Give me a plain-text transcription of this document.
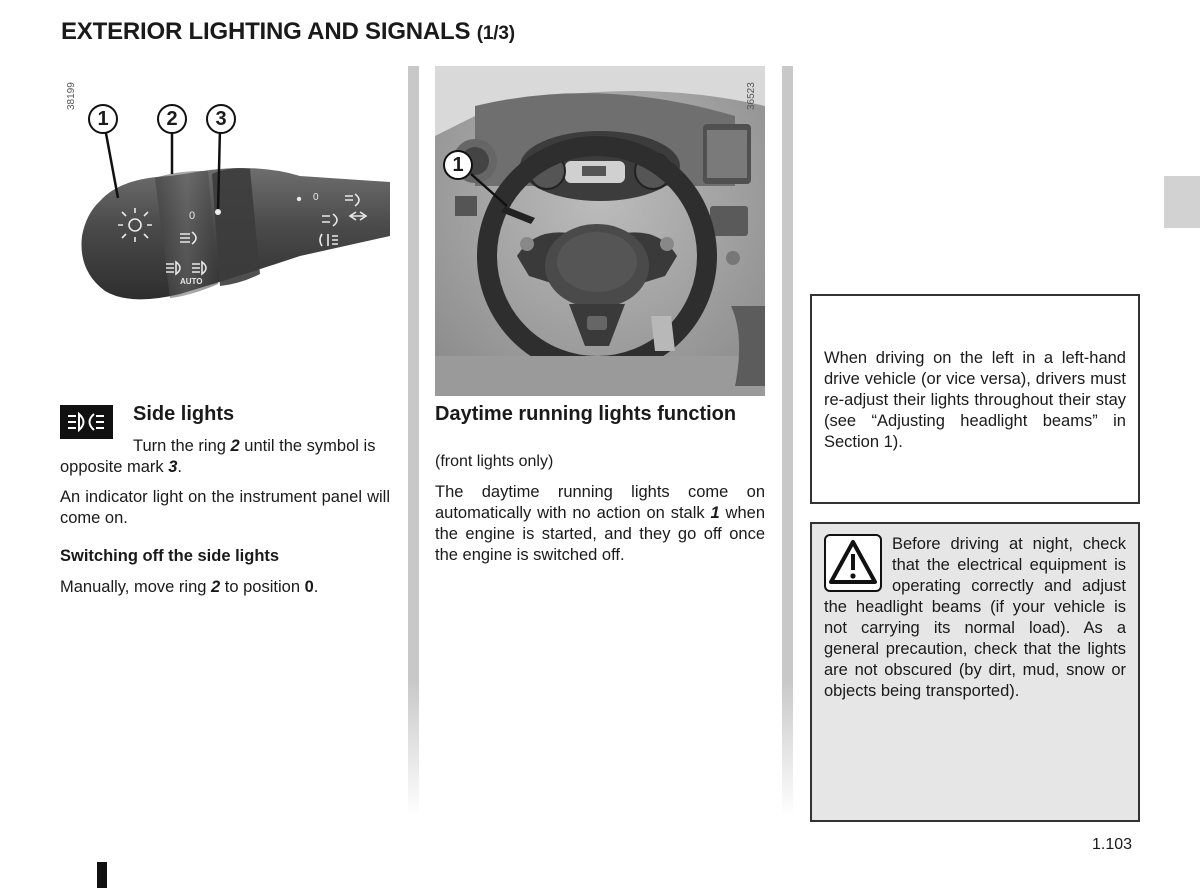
EXTERIOR LIGHTING AND SIGNALS (1/3)
38199
0
0
AUTO
1	2	3
1
36523
Side lights
Turn the ring 2 until the symbol is opposite mark 3.
An indicator light on the instrument panel will come on.
Switching off the side lights
Manually, move ring 2 to position 0.
Daytime running lights function
(front lights only)
The daytime running lights come on automatically with no action on stalk 1 when the engine is started, and they go off once the engine is switched off.
When driving on the left in a left-hand drive vehicle (or vice versa), drivers must re-adjust their lights throughout their stay (see “Adjusting headlight beams” in Section 1).
Before driving at night, check that the electrical equipment is operating correctly and adjust the headlight beams (if your vehicle is not carrying its normal load). As a general precaution, check that the lights are not obscured (by dirt, mud, snow or objects being transported).
1.103
